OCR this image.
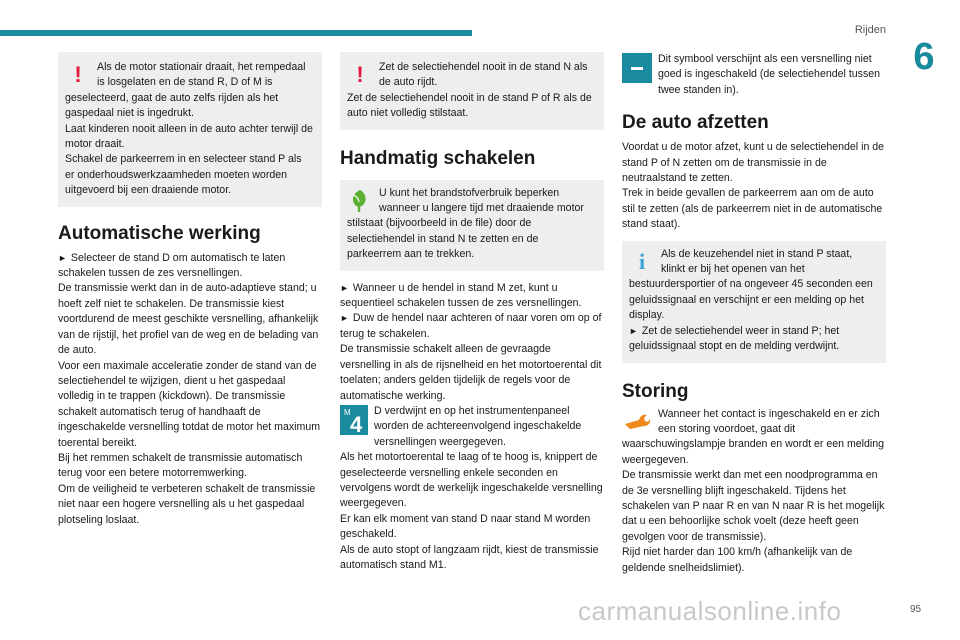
Rijden
6
!	Als de motor stationair draait, het rempedaal is losgelaten en de stand R, D of M is geselecteerd, gaat de auto zelfs rijden als het gaspedaal niet is ingedrukt.

Laat kinderen nooit alleen in de auto achter terwijl de motor draait.

Schakel de parkeerrem in en selecteer stand P als er onderhoudswerkzaamheden moeten worden uitgevoerd bij een draaiende motor.

Automatische werking

► Selecteer de stand D om automatisch te laten schakelen tussen de zes versnellingen.

De transmissie werkt dan in de auto-adaptieve stand; u hoeft zelf niet te schakelen. De transmissie kiest voortdurend de meest geschikte versnelling, afhankelijk van de rijstijl, het profiel van de weg en de belading van de auto.

Voor een maximale acceleratie zonder de stand van de selectiehendel te wijzigen, dient u het gaspedaal volledig in te trappen (kickdown). De transmissie schakelt automatisch terug of handhaaft de ingeschakelde versnelling totdat de motor het maximum toerental bereikt.

Bij het remmen schakelt de transmissie automatisch terug voor een betere motorremwerking.

Om de veiligheid te verbeteren schakelt de transmissie niet naar een hogere versnelling als u het gaspedaal plotseling loslaat.

!	Zet de selectiehendel nooit in de stand N als de auto rijdt.

Zet de selectiehendel nooit in de stand P of R als de auto niet volledig stilstaat.

Handmatig schakelen

U kunt het brandstofverbruik beperken wanneer u langere tijd met draaiende motor stilstaat (bijvoorbeeld in de file) door de selectiehendel in stand N te zetten en de parkeerrem aan te trekken.

► Wanneer u de hendel in stand M zet, kunt u sequentieel schakelen tussen de zes versnellingen.

► Duw de hendel naar achteren of naar voren om op of terug te schakelen.

De transmissie schakelt alleen de gevraagde versnelling in als de rijsnelheid en het motortoerental dit toelaten; anders gelden tijdelijk de regels voor de automatische werking.

M 4

D verdwijnt en op het instrumentenpaneel worden de achtereenvolgend ingeschakelde versnellingen weergegeven.

Als het motortoerental te laag of te hoog is, knippert de geselecteerde versnelling enkele seconden en vervolgens wordt de werkelijk ingeschakelde versnelling weergegeven.

Er kan elk moment van stand D naar stand M worden geschakeld.

Als de auto stopt of langzaam rijdt, kiest de transmissie automatisch stand M1.

Dit symbool verschijnt als een versnelling niet goed is ingeschakeld (de selectiehendel tussen twee standen in).

De auto afzetten

Voordat u de motor afzet, kunt u de selectiehendel in de stand P of N zetten om de transmissie in de neutraalstand te zetten.

Trek in beide gevallen de parkeerrem aan om de auto stil te zetten (als de parkeerrem niet in de automatische stand staat).

i	Als de keuzehendel niet in stand P staat, klinkt er bij het openen van het bestuurdersportier of na ongeveer 45 seconden een geluidssignaal en verschijnt er een melding op het display.

► Zet de selectiehendel weer in stand P; het geluidssignaal stopt en de melding verdwijnt.

Storing

Wanneer het contact is ingeschakeld en er zich een storing voordoet, gaat dit waarschuwingslampje branden en wordt er een melding weergegeven.

De transmissie werkt dan met een noodprogramma en de 3e versnelling blijft ingeschakeld. Tijdens het schakelen van P naar R en van N naar R is het mogelijk dat u een behoorlijke schok voelt (deze heeft geen gevolgen voor de transmissie).

Rijd niet harder dan 100 km/h (afhankelijk van de geldende snelheidslimiet).

carmanualsonline.info	95
